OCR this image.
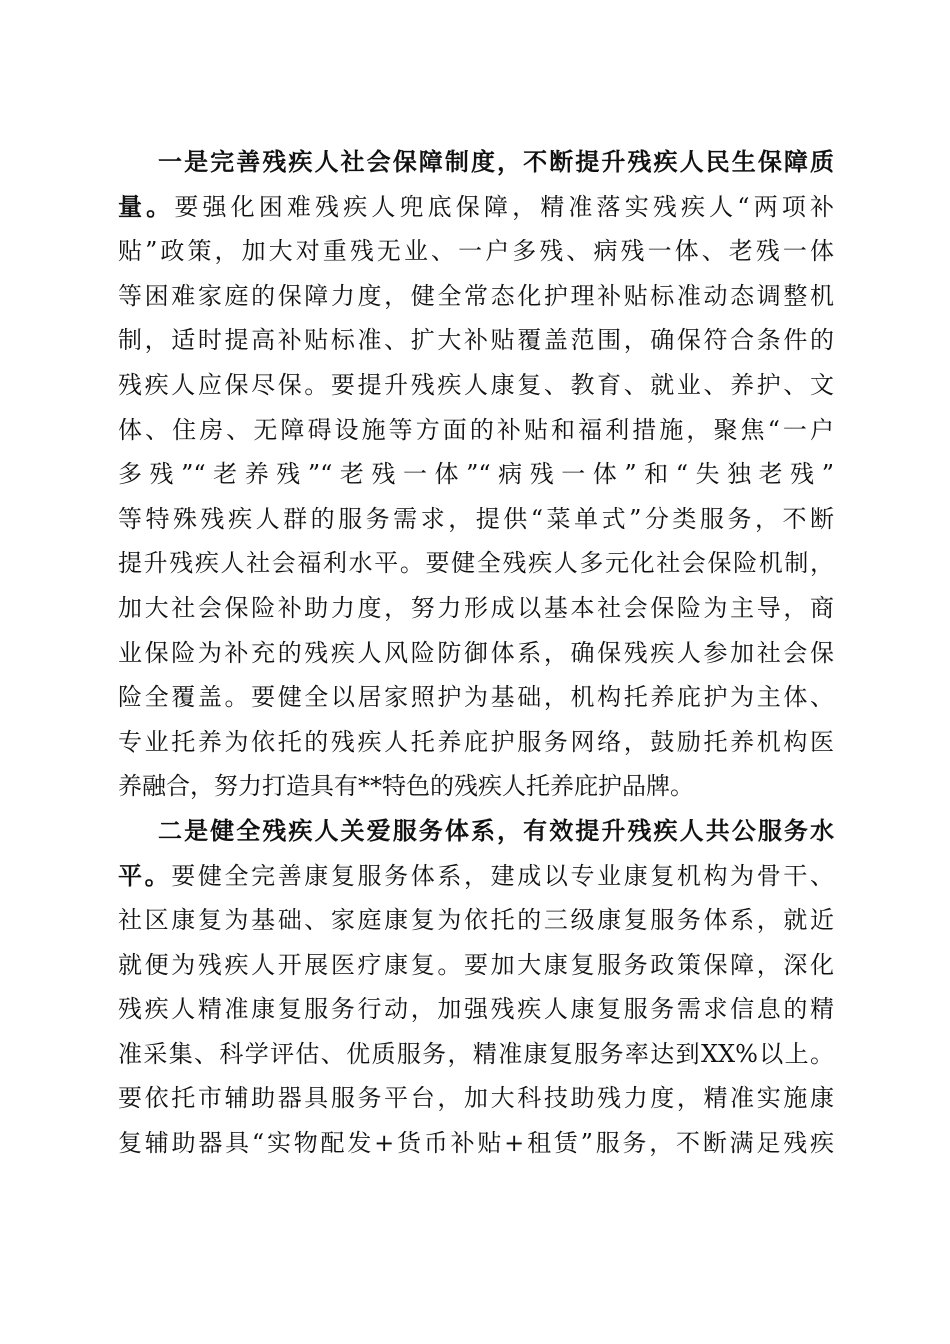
一是完善残疾人社会保障制度，不断提升残疾人民生保障质
量。要强化困难残疾人兜底保障，精准落实残疾人“两项补
贴”政策，加大对重残无业、一户多残、病残一体、老残一体
等困难家庭的保障力度，健全常态化护理补贴标准动态调整机
制，适时提高补贴标准、扩大补贴覆盖范围，确保符合条件的
残疾人应保尽保。要提升残疾人康复、教育、就业、养护、文
体、住房、无障碍设施等方面的补贴和福利措施，聚焦“一户
多残”“老养残”“老残一体”“病残一体”和“失独老残”
等特殊残疾人群的服务需求，提供“菜单式”分类服务，不断
提升残疾人社会福利水平。要健全残疾人多元化社会保险机制，
加大社会保险补助力度，努力形成以基本社会保险为主导，商
业保险为补充的残疾人风险防御体系，确保残疾人参加社会保
险全覆盖。要健全以居家照护为基础，机构托养庇护为主体、
专业托养为依托的残疾人托养庇护服务网络，鼓励托养机构医
养融合，努力打造具有**特色的残疾人托养庇护品牌。
二是健全残疾人关爱服务体系，有效提升残疾人共公服务水
平。要健全完善康复服务体系，建成以专业康复机构为骨干、
社区康复为基础、家庭康复为依托的三级康复服务体系，就近
就便为残疾人开展医疗康复。要加大康复服务政策保障，深化
残疾人精准康复服务行动，加强残疾人康复服务需求信息的精
准采集、科学评估、优质服务，精准康复服务率达到XX%以上。
要依托市辅助器具服务平台，加大科技助残力度，精准实施康
复辅助器具“实物配发+货币补贴+租赁”服务，不断满足残疾
